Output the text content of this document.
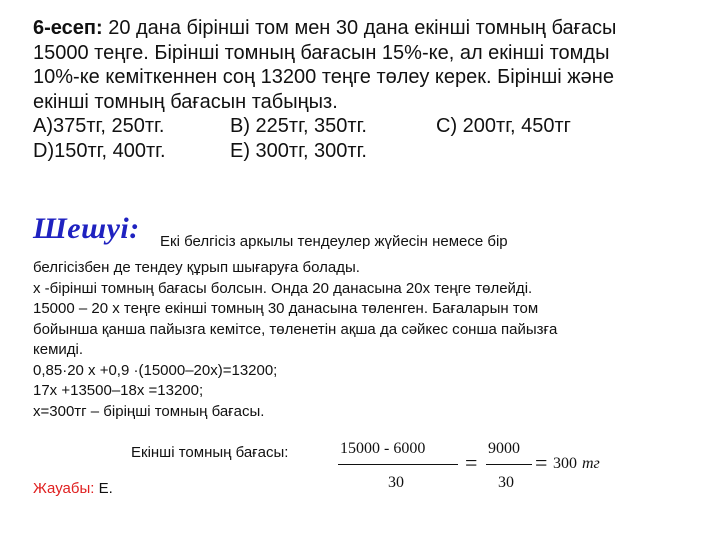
6-есеп: 20 дана бірінші том мен 30 дана екінші томның бағасы
15000 теңге. Бірінші томның бағасын 15%-ке, ал екінші томды
10%-ке кеміткеннен соң 13200 теңге төлеу керек. Бірінші және
екінші томның бағасын табыңыз.
A)375тг, 250тг.	B) 225тг, 350тг.	C) 200тг, 450тг
D)150тг, 400тг.	E) 300тг, 300тг.
Шешуі: Екі белгісіз аркылы тендеулер жүйесін немесе бір
белгісізбен де тендеу құрып шығаруға болады.
x -бірінші томның бағасы болсын. Онда 20 данасына 20x теңге төлейді.
15000 – 20 x теңге екінші томның 30 данасына төленген. Бағаларын том
бойынша қанша пайызга кемітсе, төленетін ақша да сәйкес сонша пайызға
кемиді.
0,85·20 x +0,9 ·(15000–20x)=13200;
17x +13500–18x =13200;
x=300тг – біріңші томның бағасы.
Екінші томның бағасы:	15000 - 6000
30
=
9000
30
= 300 тг
Жауабы: Е.
